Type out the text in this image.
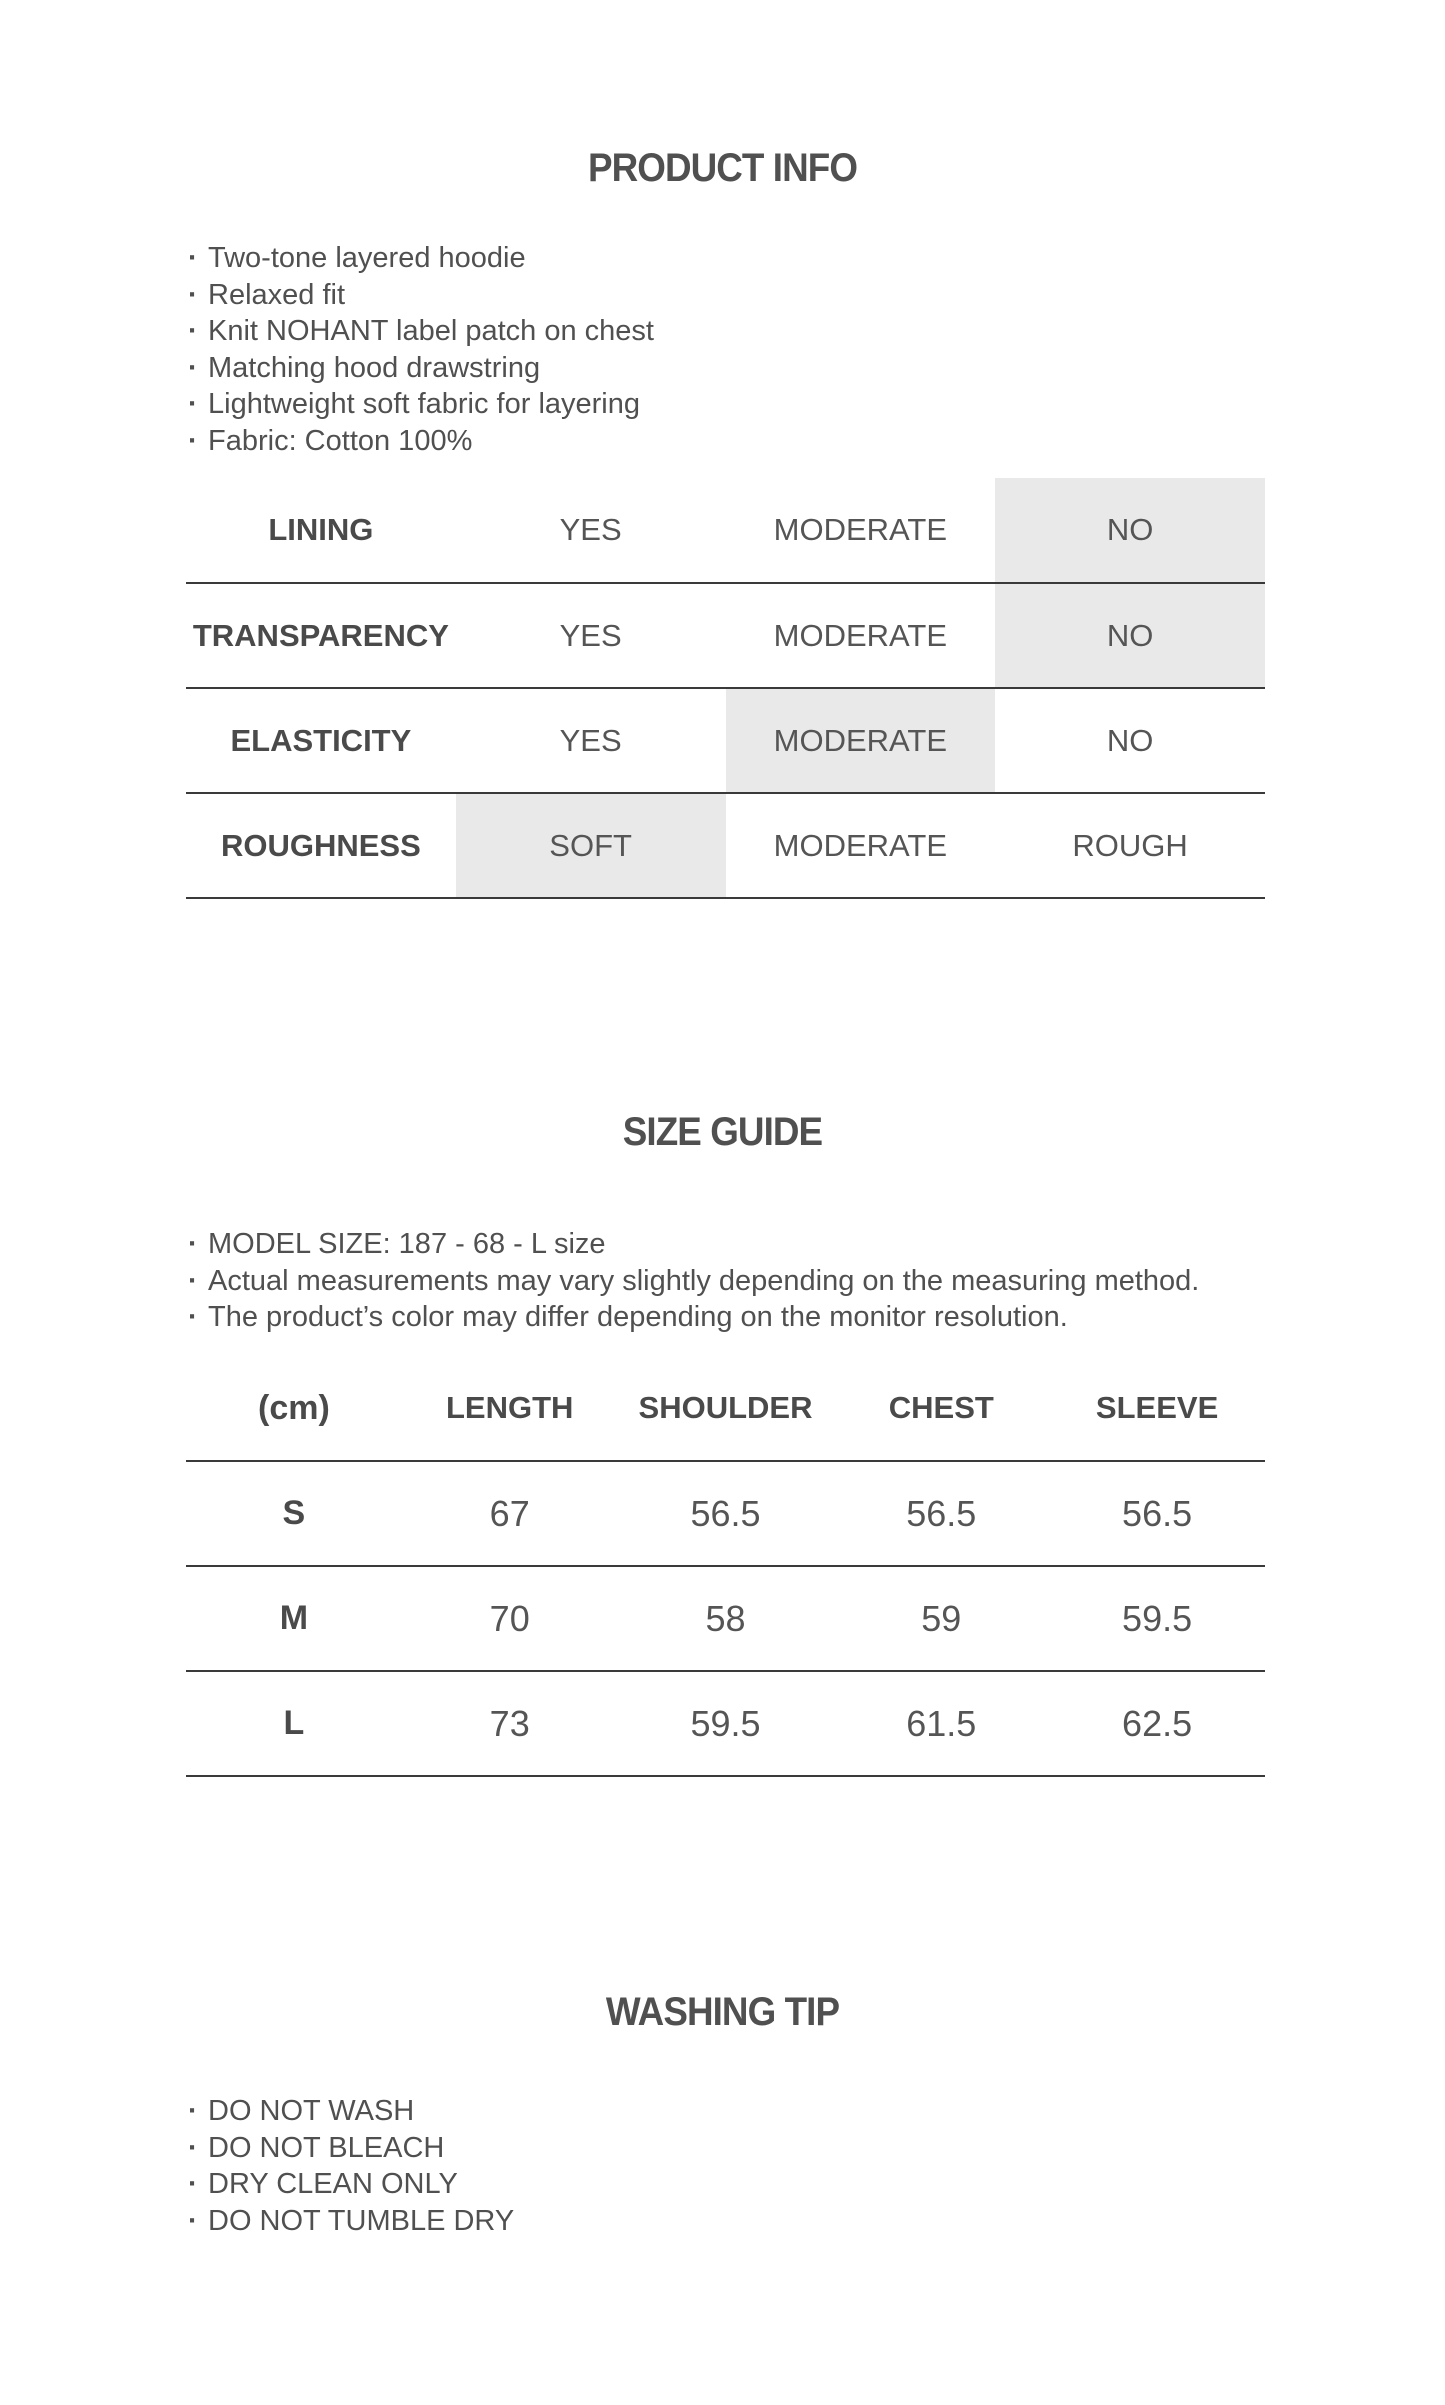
PRODUCT INFO
· Two-tone layered hoodie
· Relaxed fit
· Knit NOHANT label patch on chest
· Matching hood drawstring
· Lightweight soft fabric for layering
· Fabric: Cotton 100%
LINING	YES	MODERATE	NO
TRANSPARENCY	YES	MODERATE	NO
ELASTICITY	YES	MODERATE	NO
ROUGHNESS	SOFT	MODERATE	ROUGH
SIZE GUIDE
· MODEL SIZE: 187 - 68 - L size
· Actual measurements may vary slightly depending on the measuring method.
· The product’s color may differ depending on the monitor resolution.
(cm)	LENGTH	SHOULDER	CHEST	SLEEVE
S	67	56.5	56.5	56.5
M	70	58	59	59.5
L	73	59.5	61.5	62.5
WASHING TIP
· DO NOT WASH
· DO NOT BLEACH
· DRY CLEAN ONLY
· DO NOT TUMBLE DRY
